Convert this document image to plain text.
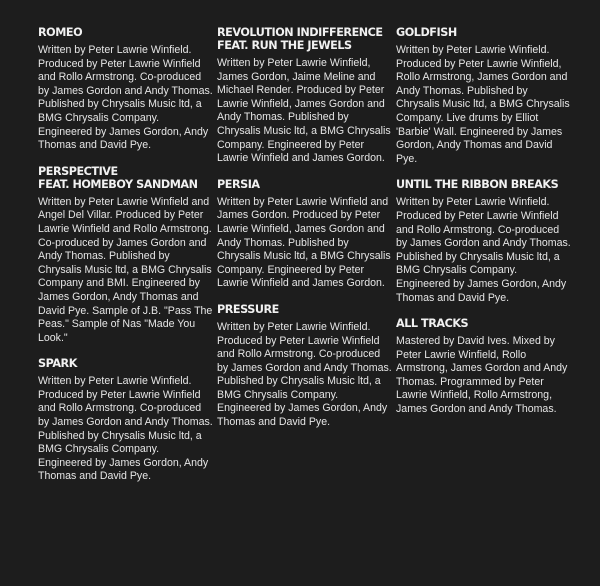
ROMEO

Written by Peter Lawrie Winfield. Produced by Peter Lawrie Winfield and Rollo Armstrong. Co-produced by James Gordon and Andy Thomas. Published by Chrysalis Music ltd, a BMG Chrysalis Company. Engineered by James Gordon, Andy Thomas and David Pye.

PERSPECTIVE
FEAT. HOMEBOY SANDMAN

Written by Peter Lawrie Winfield and Angel Del Villar. Produced by Peter Lawrie Winfield and Rollo Armstrong. Co-produced by James Gordon and Andy Thomas. Published by Chrysalis Music ltd, a BMG Chrysalis Company and BMI. Engineered by James Gordon, Andy Thomas and David Pye. Sample of J.B. "Pass The Peas." Sample of Nas "Made You Look."

SPARK

Written by Peter Lawrie Winfield. Produced by Peter Lawrie Winfield and Rollo Armstrong. Co-produced by James Gordon and Andy Thomas. Published by Chrysalis Music ltd, a BMG Chrysalis Company. Engineered by James Gordon, Andy Thomas and David Pye.

REVOLUTION INDIFFERENCE
FEAT. RUN THE JEWELS

Written by Peter Lawrie Winfield, James Gordon, Jaime Meline and Michael Render. Produced by Peter Lawrie Winfield, James Gordon and Andy Thomas. Published by Chrysalis Music ltd, a BMG Chrysalis Company. Engineered by Peter Lawrie Winfield and James Gordon.

PERSIA

Written by Peter Lawrie Winfield and James Gordon. Produced by Peter Lawrie Winfield, James Gordon and Andy Thomas. Published by Chrysalis Music ltd, a BMG Chrysalis Company. Engineered by Peter Lawrie Winfield and James Gordon.

PRESSURE

Written by Peter Lawrie Winfield. Produced by Peter Lawrie Winfield and Rollo Armstrong. Co-produced by James Gordon and Andy Thomas. Published by Chrysalis Music ltd, a BMG Chrysalis Company. Engineered by James Gordon, Andy Thomas and David Pye.

GOLDFISH

Written by Peter Lawrie Winfield. Produced by Peter Lawrie Winfield, Rollo Armstrong, James Gordon and Andy Thomas. Published by Chrysalis Music ltd, a BMG Chrysalis Company. Live drums by Elliot 'Barbie' Wall. Engineered by James Gordon, Andy Thomas and David Pye.

UNTIL THE RIBBON BREAKS

Written by Peter Lawrie Winfield. Produced by Peter Lawrie Winfield and Rollo Armstrong. Co-produced by James Gordon and Andy Thomas. Published by Chrysalis Music ltd, a BMG Chrysalis Company. Engineered by James Gordon, Andy Thomas and David Pye.

ALL TRACKS

Mastered by David Ives. Mixed by Peter Lawrie Winfield, Rollo Armstrong, James Gordon and Andy Thomas. Programmed by Peter Lawrie Winfield, Rollo Armstrong, James Gordon and Andy Thomas.
